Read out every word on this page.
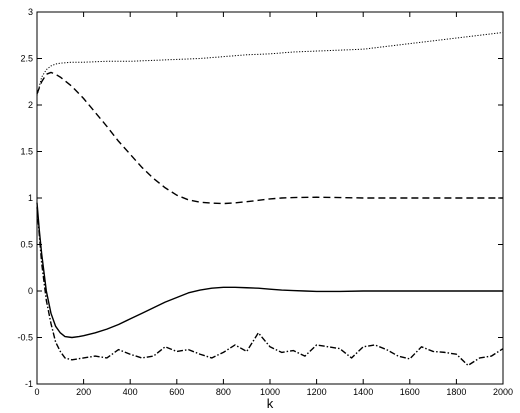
0	200	400	600	800	1000	1200	1400	1600	1800	2000
-1
-0.5
0
0.5
1
1.5
2
2.5
3
k
